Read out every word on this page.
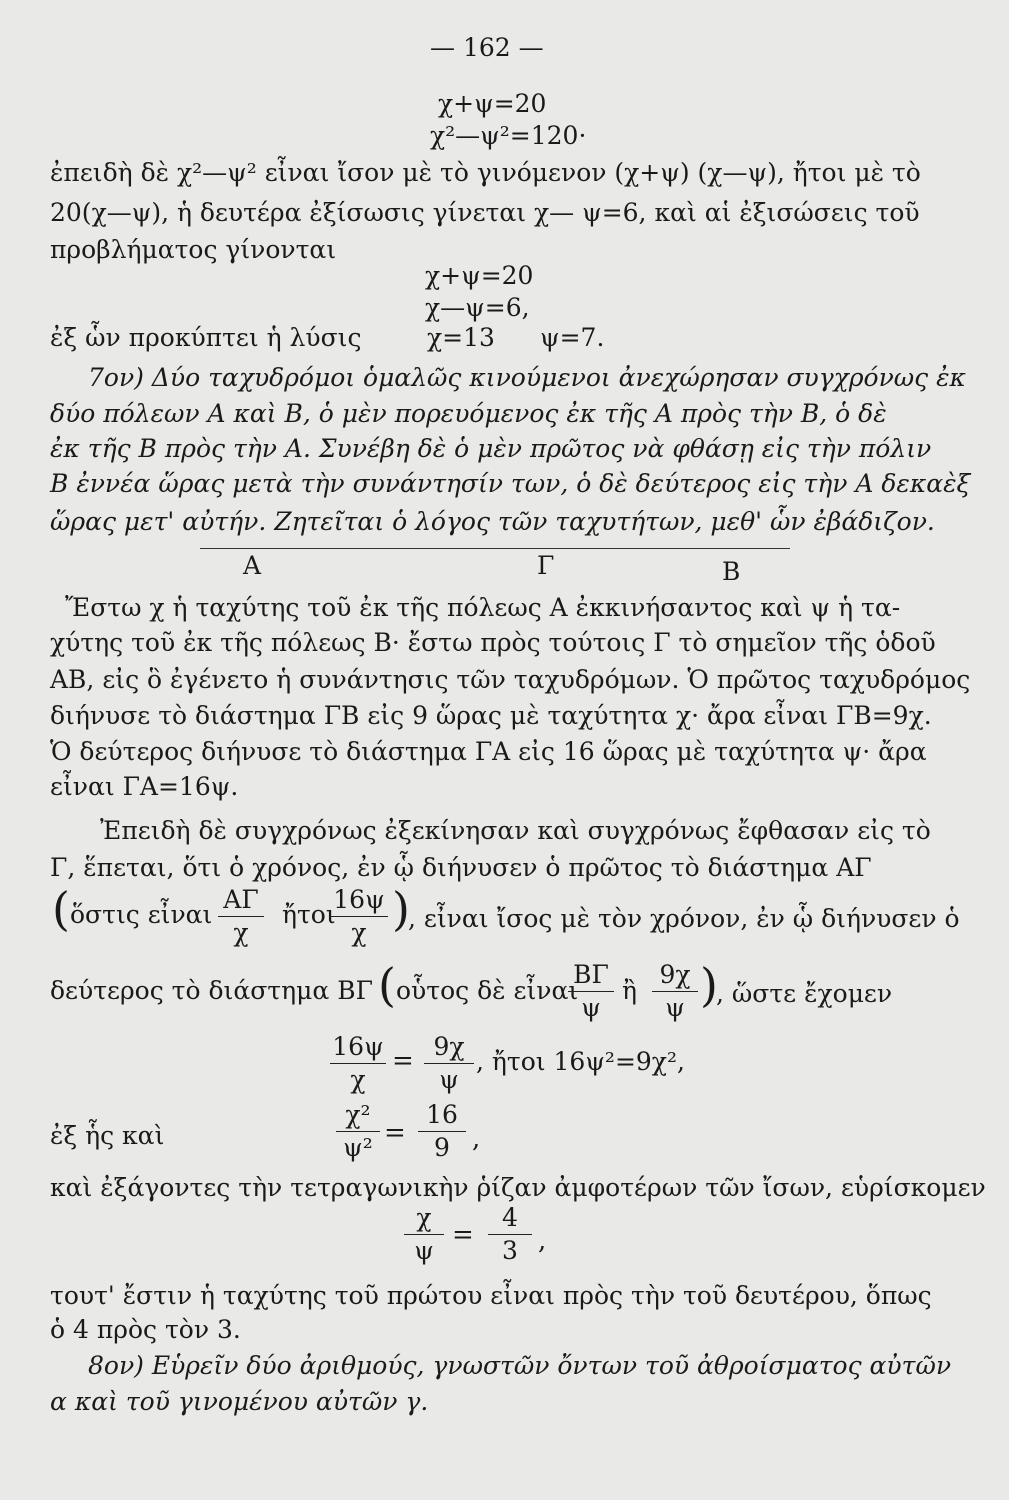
— 162 —
χ+ψ=20
χ²—ψ²=120·
ἐπειδὴ δὲ χ²—ψ² εἶναι ἴσον μὲ τὸ γινόμενον (χ+ψ) (χ—ψ), ἤτοι μὲ τὸ
20(χ—ψ), ἡ δευτέρα ἐξίσωσις γίνεται χ— ψ=6, καὶ αἱ ἐξισώσεις τοῦ
προβλήματος γίνονται
χ+ψ=20
χ—ψ=6,
ἐξ ὧν προκύπτει ἡ λύσις	χ=13 ψ=7.
7ον) Δύο ταχυδρόμοι ὁμαλῶς κινούμενοι ἀνεχώρησαν συγχρόνως ἐκ
δύο πόλεων Α καὶ Β, ὁ μὲν πορευόμενος ἐκ τῆς Α πρὸς τὴν Β, ὁ δὲ
ἐκ τῆς Β πρὸς τὴν Α. Συνέβη δὲ ὁ μὲν πρῶτος νὰ φθάσῃ εἰς τὴν πόλιν
Β ἐννέα ὥρας μετὰ τὴν συνάντησίν των, ὁ δὲ δεύτερος εἰς τὴν Α δεκαὲξ
ὥρας μετ' αὐτήν. Ζητεῖται ὁ λόγος τῶν ταχυτήτων, μεθ' ὧν ἐβάδιζον.
Α	Γ	Β
Ἔστω χ ἡ ταχύτης τοῦ ἐκ τῆς πόλεως Α ἐκκινήσαντος καὶ ψ ἡ τα-
χύτης τοῦ ἐκ τῆς πόλεως Β· ἔστω πρὸς τούτοις Γ τὸ σημεῖον τῆς ὁδοῦ
ΑΒ, εἰς ὃ ἐγένετο ἡ συνάντησις τῶν ταχυδρόμων. Ὁ πρῶτος ταχυδρόμος
διήνυσε τὸ διάστημα ΓΒ εἰς 9 ὥρας μὲ ταχύτητα χ· ἄρα εἶναι ΓΒ=9χ.
Ὁ δεύτερος διήνυσε τὸ διάστημα ΓΑ εἰς 16 ὥρας μὲ ταχύτητα ψ· ἄρα
εἶναι ΓΑ=16ψ.
Ἐπειδὴ δὲ συγχρόνως ἐξεκίνησαν καὶ συγχρόνως ἔφθασαν εἰς τὸ
Γ, ἕπεται, ὅτι ὁ χρόνος, ἐν ᾧ διήνυσεν ὁ πρῶτος τὸ διάστημα ΑΓ
( ὅστις εἶναι
ΑΓ
χ
ἤτοι
16ψ
χ )
, εἶναι ἴσος μὲ τὸν χρόνον, ἐν ᾧ διήνυσεν ὁ
δεύτερος τὸ διάστημα ΒΓ ( οὗτος δὲ εἶναι
ΒΓ
ψ
ἢ
9χ
ψ )
, ὥστε ἔχομεν
16ψ
χ
= 9χ
ψ
, ἤτοι 16ψ²=9χ²,
ἐξ ἧς καὶ
χ²
ψ² =
16
9 ,
καὶ ἐξάγοντες τὴν τετραγωνικὴν ῥίζαν ἀμφοτέρων τῶν ἴσων, εὑρίσκομεν
χ
ψ
=
4
3 ,
τουτ' ἔστιν ἡ ταχύτης τοῦ πρώτου εἶναι πρὸς τὴν τοῦ δευτέρου, ὅπως
ὁ 4 πρὸς τὸν 3.
8ον) Εὑρεῖν δύο ἀριθμούς, γνωστῶν ὄντων τοῦ ἀθροίσματος αὐτῶν
α καὶ τοῦ γινομένου αὐτῶν γ.
